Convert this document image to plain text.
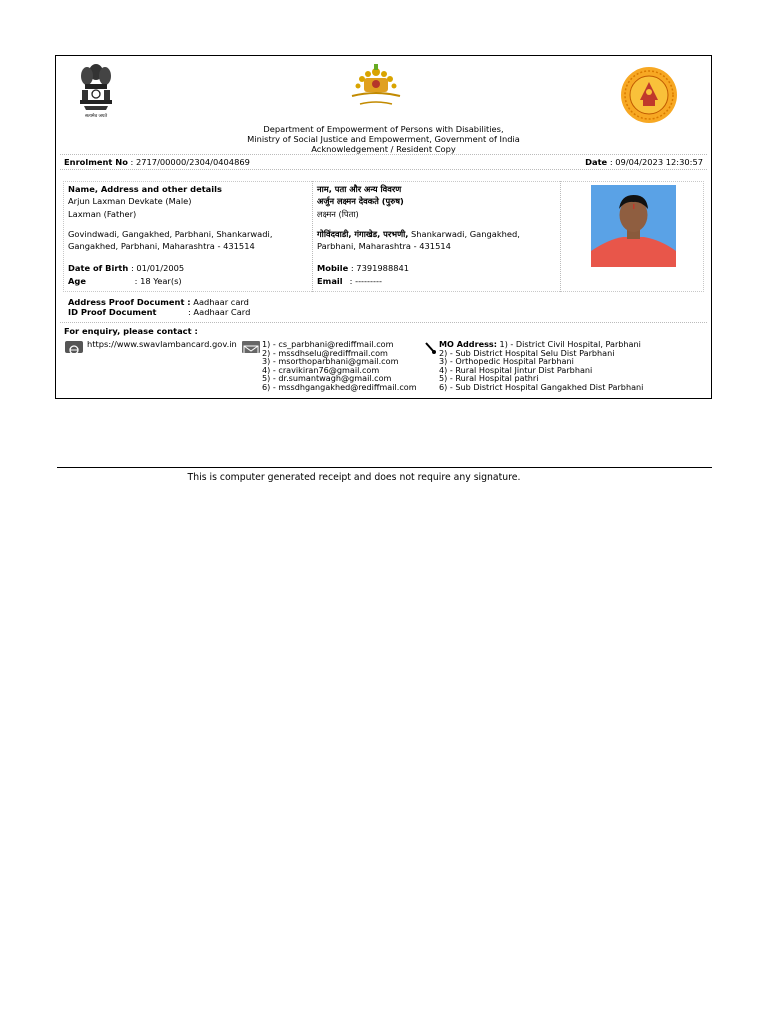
सत्यमेव जयते
Department of Empowerment of Persons with Disabilities,
Ministry of Social Justice and Empowerment, Government of India
Acknowledgement / Resident Copy
Enrolment No : 2717/00000/2304/0404869	Date : 09/04/2023 12:30:57
Name, Address and other details
Arjun Laxman Devkate (Male)
Laxman (Father)
Govindwadi, Gangakhed, Parbhani, Shankarwadi,
Gangakhed, Parbhani, Maharashtra - 431514
Date of Birth : 01/01/2005
Age	: 18 Year(s)
नाम, पता और अन्य विवरण
अर्जुन लक्ष्मन देवकते (पुरुष)
लक्ष्मन (पिता)
गोविंदवाडी, गंगाखेड, परभणी, Shankarwadi, Gangakhed,
Parbhani, Maharashtra - 431514
Mobile : 7391988841
Email : ---------
Address Proof Document : Aadhaar card
ID Proof Document	: Aadhaar Card
For enquiry, please contact :
https://www.swavlambancard.gov.in	1) - cs_parbhani@rediffmail.com
2) - mssdhselu@rediffmail.com
3) - msorthoparbhani@gmail.com
4) - cravikiran76@gmail.com
5) - dr.sumantwagh@gmail.com
6) - mssdhgangakhed@rediffmail.com
MO Address: 1) - District Civil Hospital, Parbhani
2) - Sub District Hospital Selu Dist Parbhani
3) - Orthopedic Hospital Parbhani
4) - Rural Hospital Jintur Dist Parbhani
5) - Rural Hospital pathri
6) - Sub District Hospital Gangakhed Dist Parbhani
This is computer generated receipt and does not require any signature.
